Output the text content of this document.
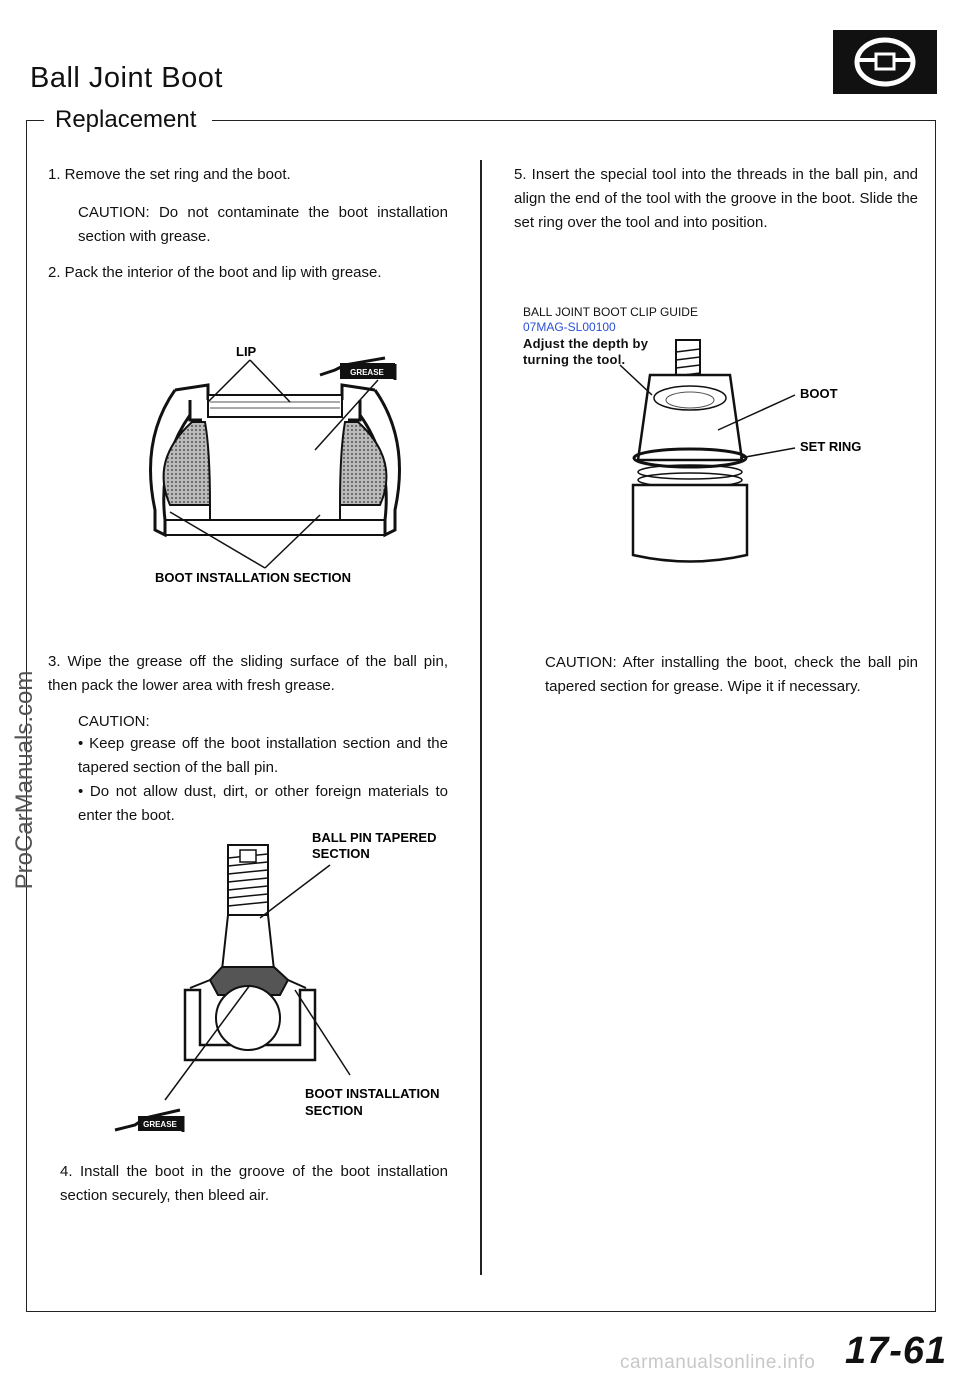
Ball Joint Boot
Replacement
1. Remove the set ring and the boot.
CAUTION: Do not contaminate the boot installation section with grease.
2. Pack the interior of the boot and lip with grease.
GREASE
LIP
BOOT INSTALLATION SECTION
3. Wipe the grease off the sliding surface of the ball pin, then pack the lower area with fresh grease.
CAUTION:
• Keep grease off the boot installation section and the tapered section of the ball pin.
• Do not allow dust, dirt, or other foreign materials to enter the boot.
GREASE
BALL PIN TAPERED
SECTION
BOOT INSTALLATION
SECTION
4. Install the boot in the groove of the boot installation section securely, then bleed air.
5. Insert the special tool into the threads in the ball pin, and align the end of the tool with the groove in the boot. Slide the set ring over the tool and into position.
BALL JOINT BOOT CLIP GUIDE
07MAG-SL00100
Adjust the depth by
turning the tool.
BOOT
SET RING
CAUTION: After installing the boot, check the ball pin tapered section for grease. Wipe it if necessary.
ProCarManuals.com
17-61
carmanualsonline.info
